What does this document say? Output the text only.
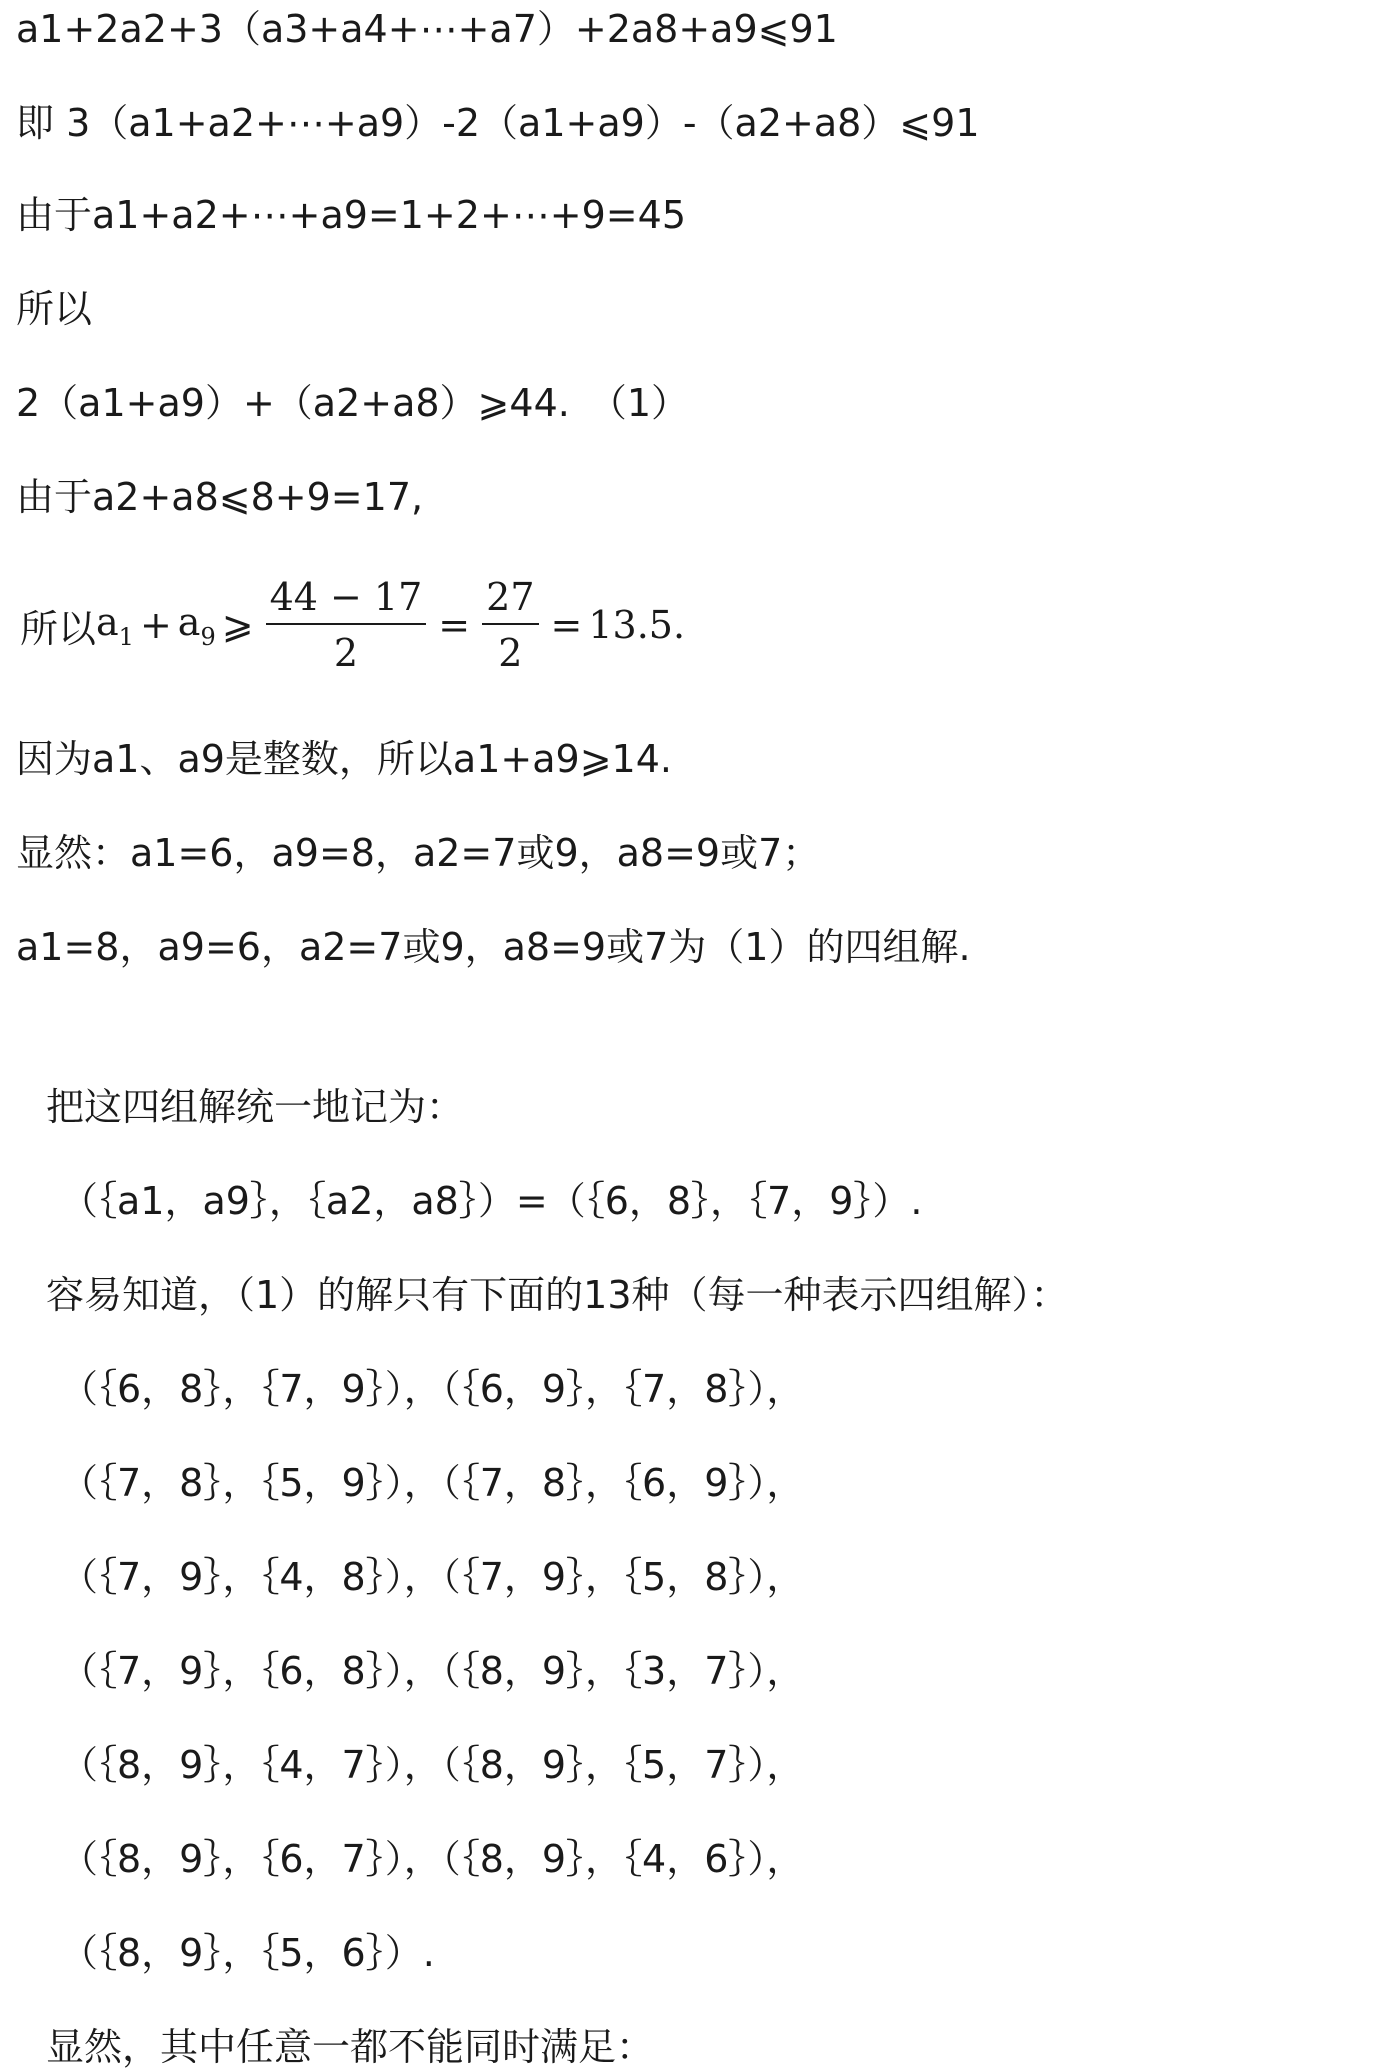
a1+2a2+3（a3+a4+⋯+a7）+2a8+a9⩽91
即 3（a1+a2+⋯+a9）-2（a1+a9）-（a2+a8）⩽91
由于a1+a2+⋯+a9=1+2+⋯+9=45
所以
2（a1+a9）+（a2+a8）⩾44.　（1）
由于a2+a8⩽8+9=17,
所以 $a_1 + a_9$ ⩾ $\frac{44 - 17}{2} = \frac{27}{2} = 13.5$.
因为a1、a9是整数，所以a1+a9⩾14.
显然：a1=6，a9=8，a2=7或9，a8=9或7；
a1=8，a9=6，a2=7或9，a8=9或7为（1）的四组解.
把这四组解统一地记为：
（｛a1，a9｝，｛a2，a8｝）=（｛6，8｝，｛7，9｝）.
容易知道，（1）的解只有下面的13种（每一种表示四组解）：
（｛6，8｝，｛7，9｝），（｛6，9｝，｛7，8｝），
（｛7，8｝，｛5，9｝），（｛7，8｝，｛6，9｝），
（｛7，9｝，｛4，8｝），（｛7，9｝，｛5，8｝），
（｛7，9｝，｛6，8｝），（｛8，9｝，｛3，7｝），
（｛8，9｝，｛4，7｝），（｛8，9｝，｛5，7｝），
（｛8，9｝，｛6，7｝），（｛8，9｝，｛4，6｝），
（｛8，9｝，｛5，6｝）.
显然，其中任意一都不能同时满足：
